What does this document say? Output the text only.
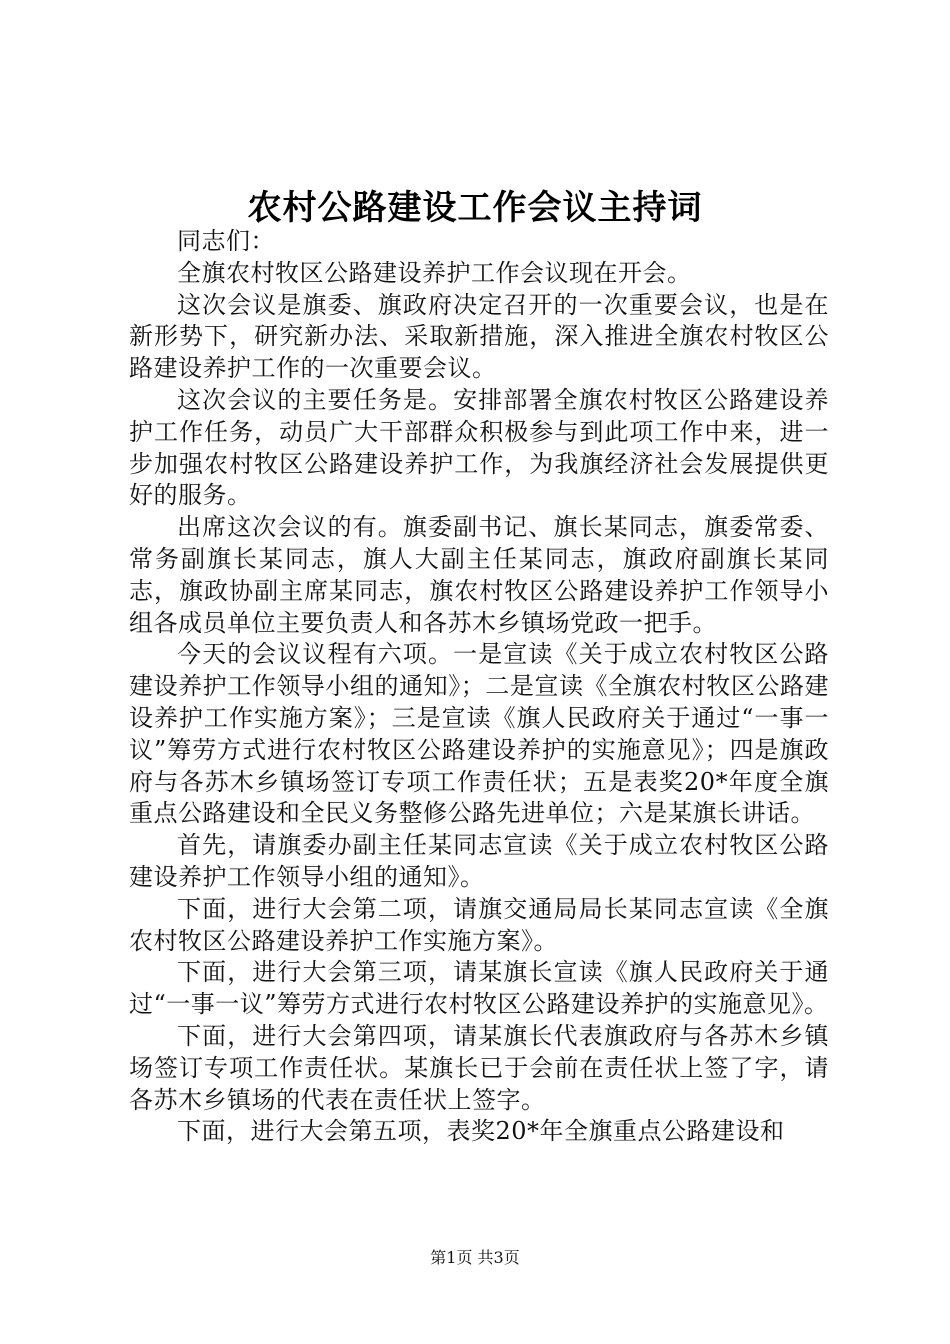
农村公路建设工作会议主持词

同志们：

全旗农村牧区公路建设养护工作会议现在开会。

这次会议是旗委、旗政府决定召开的一次重要会议，也是在新形势下，研究新办法、采取新措施，深入推进全旗农村牧区公路建设养护工作的一次重要会议。

这次会议的主要任务是。安排部署全旗农村牧区公路建设养护工作任务，动员广大干部群众积极参与到此项工作中来，进一步加强农村牧区公路建设养护工作，为我旗经济社会发展提供更好的服务。

出席这次会议的有。旗委副书记、旗长某同志，旗委常委、常务副旗长某同志，旗人大副主任某同志，旗政府副旗长某同志，旗政协副主席某同志，旗农村牧区公路建设养护工作领导小组各成员单位主要负责人和各苏木乡镇场党政一把手。

今天的会议议程有六项。一是宣读《关于成立农村牧区公路建设养护工作领导小组的通知》；二是宣读《全旗农村牧区公路建设养护工作实施方案》；三是宣读《旗人民政府关于通过“一事一议”筹劳方式进行农村牧区公路建设养护的实施意见》；四是旗政府与各苏木乡镇场签订专项工作责任状；五是表奖20*年度全旗重点公路建设和全民义务整修公路先进单位；六是某旗长讲话。

首先，请旗委办副主任某同志宣读《关于成立农村牧区公路建设养护工作领导小组的通知》。

下面，进行大会第二项，请旗交通局局长某同志宣读《全旗农村牧区公路建设养护工作实施方案》。

下面，进行大会第三项，请某旗长宣读《旗人民政府关于通过“一事一议”筹劳方式进行农村牧区公路建设养护的实施意见》。

下面，进行大会第四项，请某旗长代表旗政府与各苏木乡镇场签订专项工作责任状。某旗长已于会前在责任状上签了字，请各苏木乡镇场的代表在责任状上签字。

下面，进行大会第五项，表奖20*年全旗重点公路建设和

第1页 共3页
